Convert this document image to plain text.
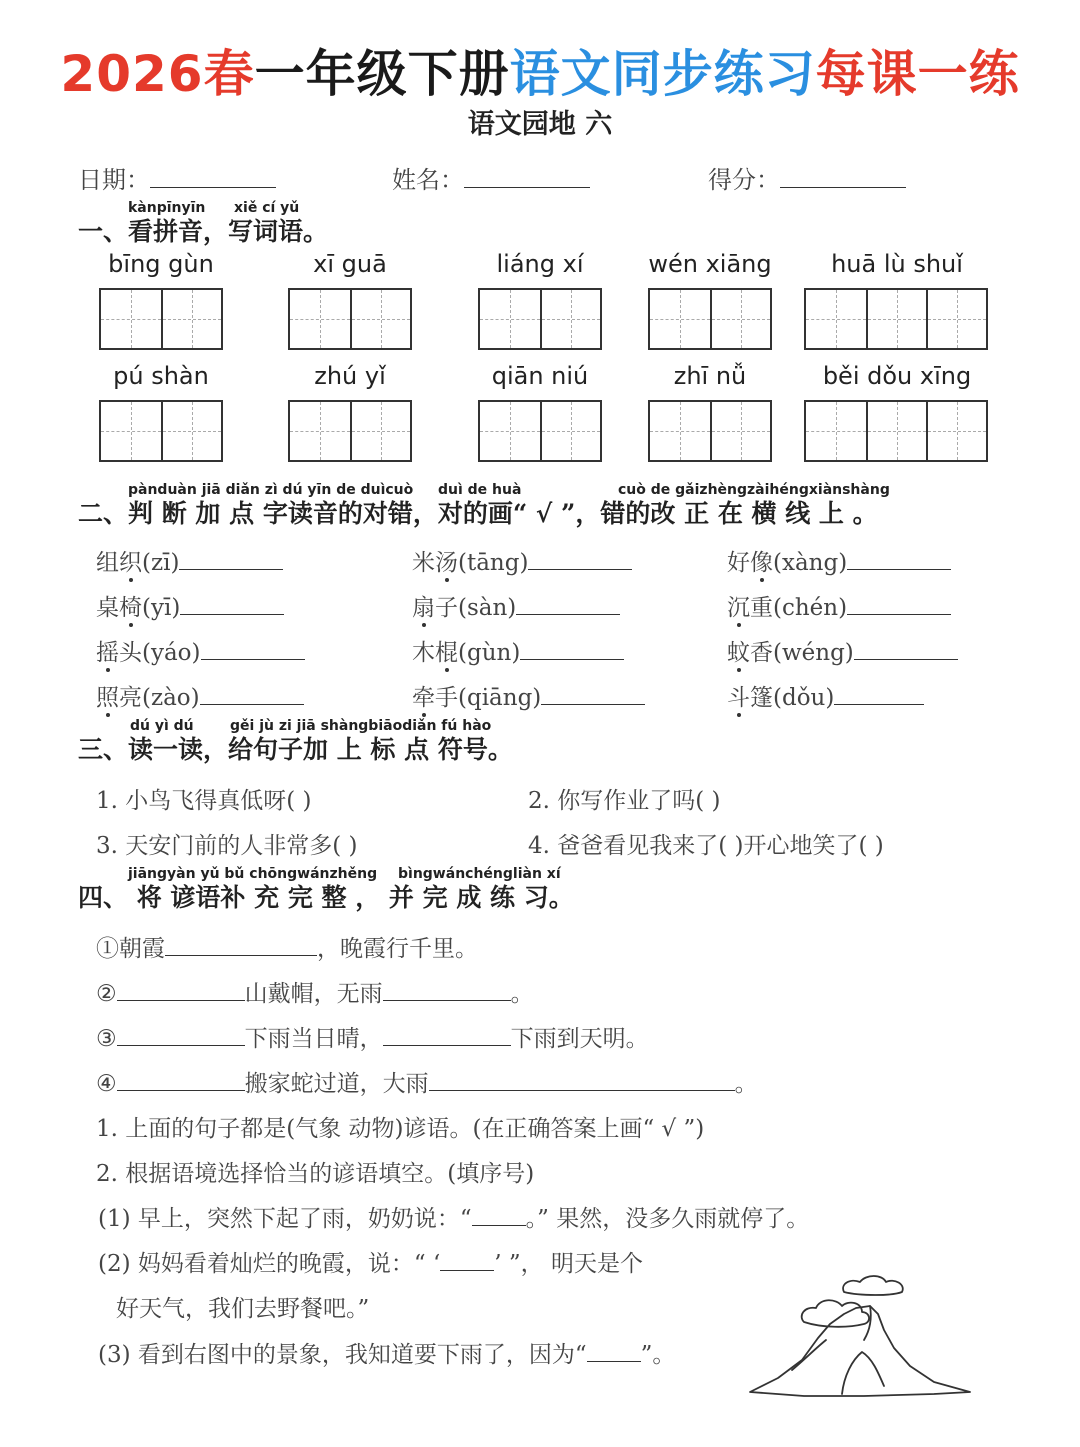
2026春一年级下册语文同步练习每课一练
语文园地 六
日期：	姓名：	得分：
kànpīnyīn xiě cí yǔ
一、看拼音，写词语。
bīng gùn	xī guā	liáng xí	wén xiāng	huā lù shuǐ
pú shàn	zhú yǐ	qiān niú	zhī nǚ	běi dǒu xīng
pànduàn jiā diǎn zì dú yīn de duìcuò duì de huà	cuò de gǎizhèngzàihéngxiànshàng
二、判 断 加 点 字读音的对错，对的画“ √ ”，错的改 正 在 横 线 上 。
组织(zī)	米汤(tāng)	好像(xàng)
桌椅(yī)	扇子(sàn)	沉重(chén)
摇头(yáo)	木棍(gùn)	蚊香(wéng)
照亮(zào)	牵手(qiāng)	斗篷(dǒu)
dú yì dú	gěi jù zi jiā shàngbiāodiǎn fú hào
三、读一读，给句子加 上 标 点 符号。
1. 小鸟飞得真低呀( )	2. 你写作业了吗( )
3. 天安门前的人非常多( )	4. 爸爸看见我来了( )开心地笑了( )
jiāngyàn yǔ bǔ chōngwánzhěng bìngwánchéngliàn xí
四、 将 谚语补 充 完 整 ， 并 完 成 练 习。
①朝霞	，晚霞行千里。
②	山戴帽，无雨	。
③	下雨当日晴，	下雨到天明。
④	搬家蛇过道，大雨	。
1. 上面的句子都是(气象 动物)谚语。(在正确答案上画“ √ ”)
2. 根据语境选择恰当的谚语填空。(填序号)
(1) 早上，突然下起了雨，奶奶说：“ 。” 果然，没多久雨就停了。
(2) 妈妈看着灿烂的晚霞，说：“ ‘ ’ ”， 明天是个
好天气，我们去野餐吧。”
(3) 看到右图中的景象，我知道要下雨了，因为“ ”。
